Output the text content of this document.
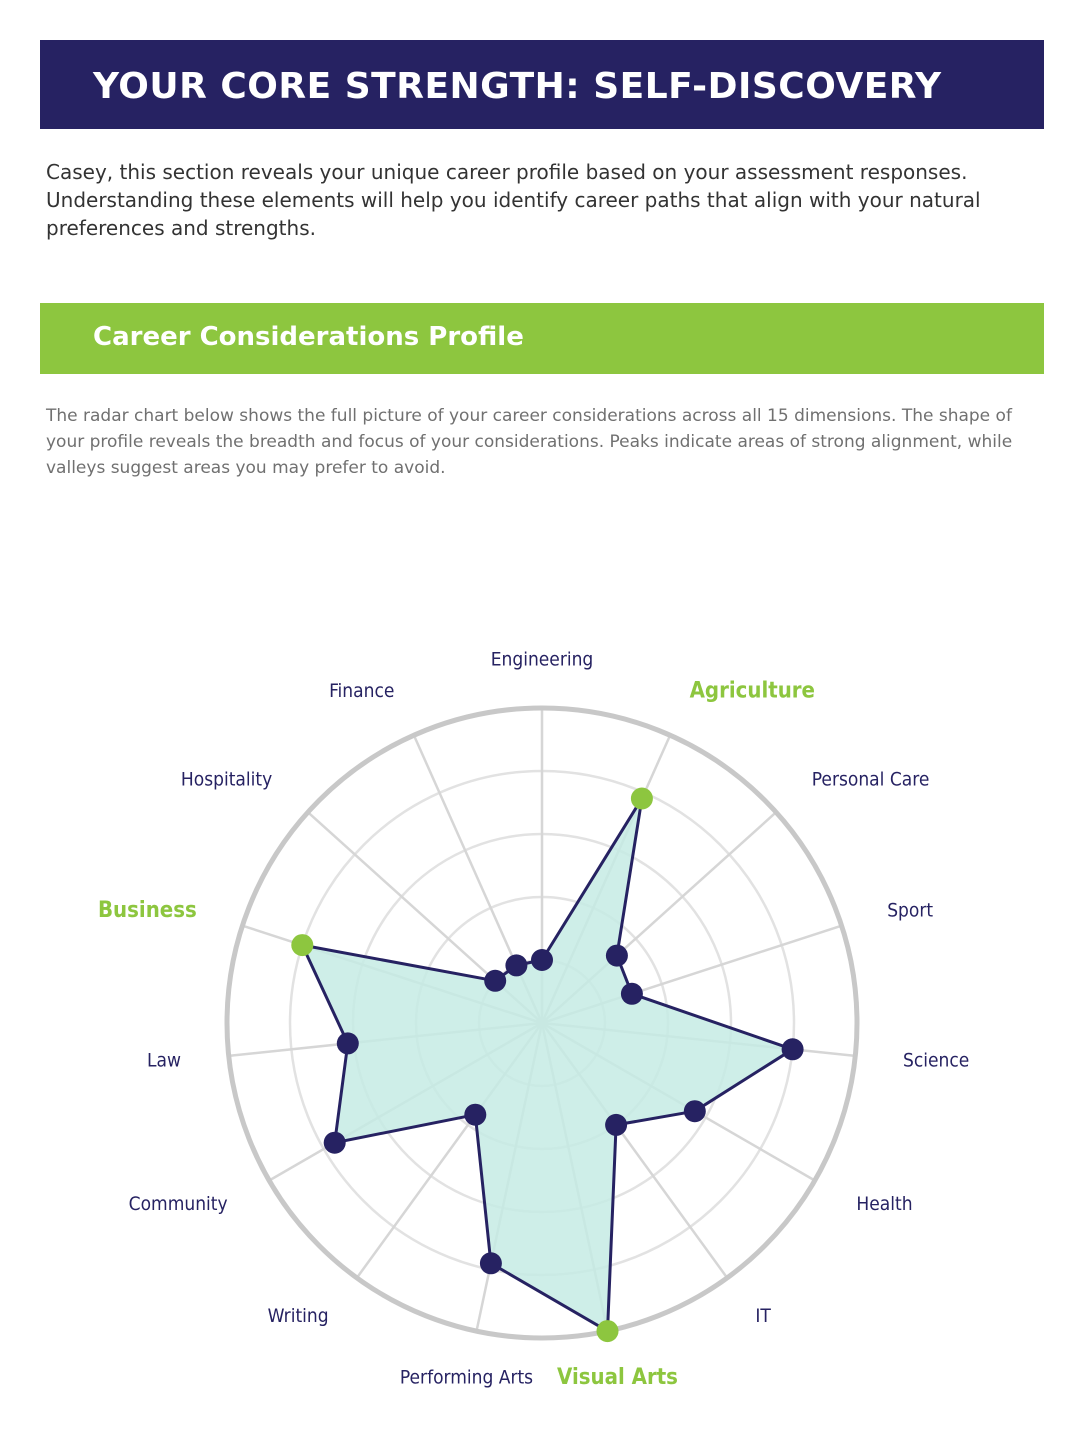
YOUR CORE STRENGTH: SELF-DISCOVERY

Casey, this section reveals your unique career profile based on your assessment responses. Understanding these elements will help you identify career paths that align with your natural preferences and strengths.

Career Considerations Profile

The radar chart below shows the full picture of your career considerations across all 15 dimensions. The shape of your profile reveals the breadth and focus of your considerations. Peaks indicate areas of strong alignment, while valleys suggest areas you may prefer to avoid.

Engineering
Agriculture
Personal Care
Sport
Science
Health
IT
Visual Arts
Performing Arts
Writing
Community
Law
Business
Hospitality
Finance
